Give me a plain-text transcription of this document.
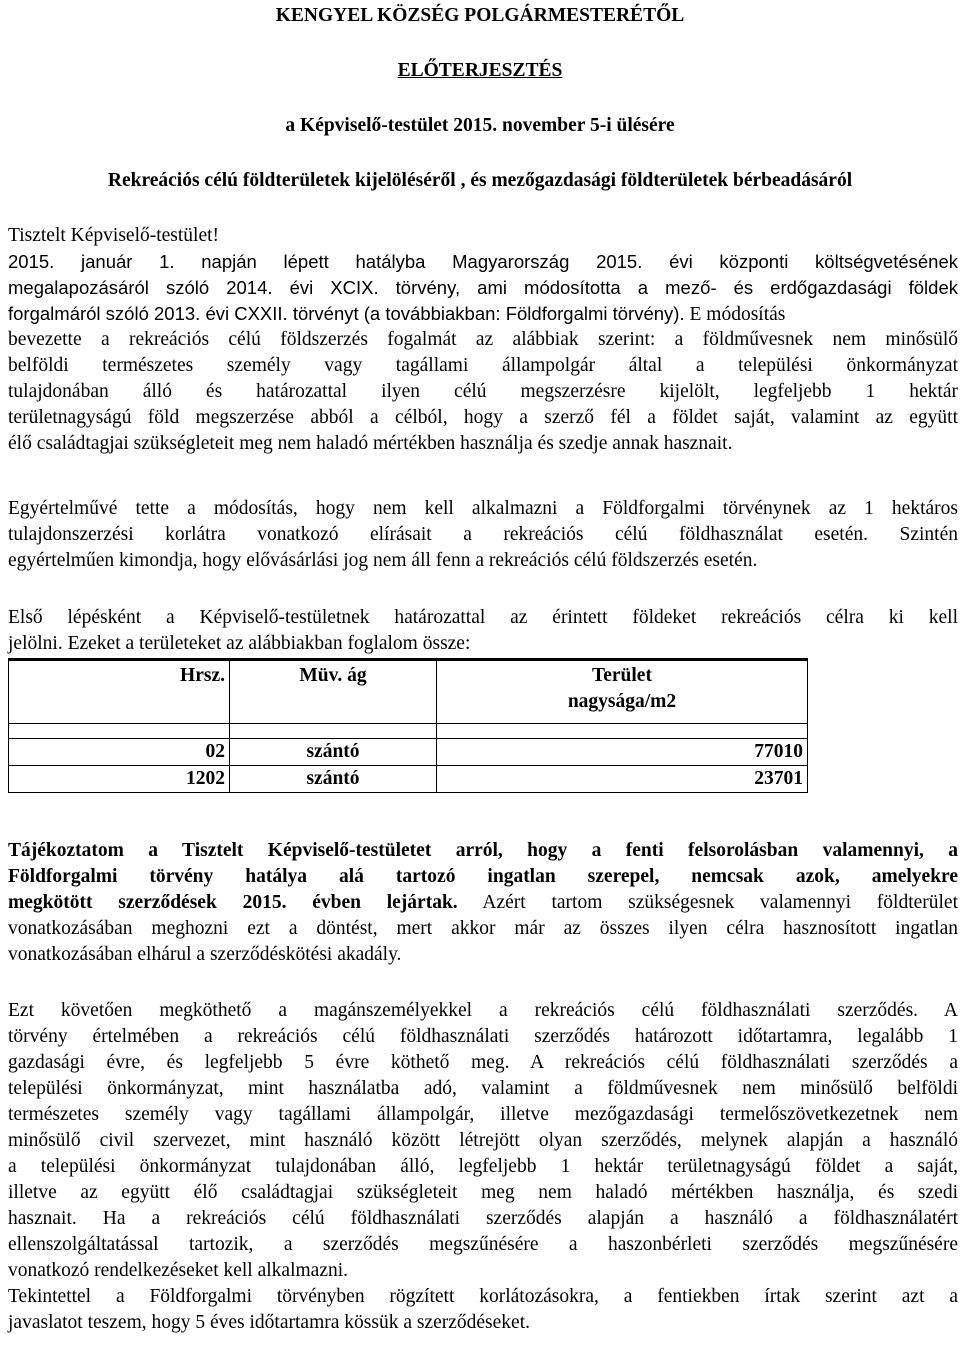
KENGYEL KÖZSÉG POLGÁRMESTERÉTŐL
ELŐTERJESZTÉS
a Képviselő-testület 2015. november 5-i ülésére
Rekreációs célú földterületek kijelöléséről , és mezőgazdasági földterületek bérbeadásáról
Tisztelt Képviselő-testület!
2015. január 1. napján lépett hatályba Magyarország 2015. évi központi költségvetésének
megalapozásáról szóló 2014. évi XCIX. törvény, ami módosította a mező- és erdőgazdasági földek
forgalmáról szóló 2013. évi CXXII. törvényt (a továbbiakban: Földforgalmi törvény). E módosítás
bevezette a rekreációs célú földszerzés fogalmát az alábbiak szerint: a földművesnek nem minősülő
belföldi természetes személy vagy tagállami állampolgár által a települési önkormányzat
tulajdonában álló és határozattal ilyen célú megszerzésre kijelölt, legfeljebb 1 hektár
területnagyságú föld megszerzése abból a célból, hogy a szerző fél a földet saját, valamint az együtt
élő családtagjai szükségleteit meg nem haladó mértékben használja és szedje annak hasznait.
Egyértelművé tette a módosítás, hogy nem kell alkalmazni a Földforgalmi törvénynek az 1 hektáros
tulajdonszerzési korlátra vonatkozó elírásait a rekreációs célú földhasználat esetén. Szintén
egyértelműen kimondja, hogy elővásárlási jog nem áll fenn a rekreációs célú földszerzés esetén.
Első lépésként a Képviselő-testületnek határozattal az érintett földeket rekreációs célra ki kell
jelölni. Ezeket a területeket az alábbiakban foglalom össze:
Hrsz.	Müv. ág	Terület
nagysága/m2

02	szántó	77010
1202	szántó	23701
Tájékoztatom a Tisztelt Képviselő-testületet arról, hogy a fenti felsorolásban valamennyi, a
Földforgalmi törvény hatálya alá tartozó ingatlan szerepel, nemcsak azok, amelyekre
megkötött szerződések 2015. évben lejártak. Azért tartom szükségesnek valamennyi földterület
vonatkozásában meghozni ezt a döntést, mert akkor már az összes ilyen célra hasznosított ingatlan
vonatkozásában elhárul a szerződéskötési akadály.
Ezt követően megköthető a magánszemélyekkel a rekreációs célú földhasználati szerződés. A
törvény értelmében a rekreációs célú földhasználati szerződés határozott időtartamra, legalább 1
gazdasági évre, és legfeljebb 5 évre köthető meg. A rekreációs célú földhasználati szerződés a
települési önkormányzat, mint használatba adó, valamint a földművesnek nem minősülő belföldi
természetes személy vagy tagállami állampolgár, illetve mezőgazdasági termelőszövetkezetnek nem
minősülő civil szervezet, mint használó között létrejött olyan szerződés, melynek alapján a használó
a települési önkormányzat tulajdonában álló, legfeljebb 1 hektár területnagyságú földet a saját,
illetve az együtt élő családtagjai szükségleteit meg nem haladó mértékben használja, és szedi
hasznait. Ha a rekreációs célú földhasználati szerződés alapján a használó a földhasználatért
ellenszolgáltatással tartozik, a szerződés megszűnésére a haszonbérleti szerződés megszűnésére
vonatkozó rendelkezéseket kell alkalmazni.
Tekintettel a Földforgalmi törvényben rögzített korlátozásokra, a fentiekben írtak szerint azt a
javaslatot teszem, hogy 5 éves időtartamra kössük a szerződéseket.
